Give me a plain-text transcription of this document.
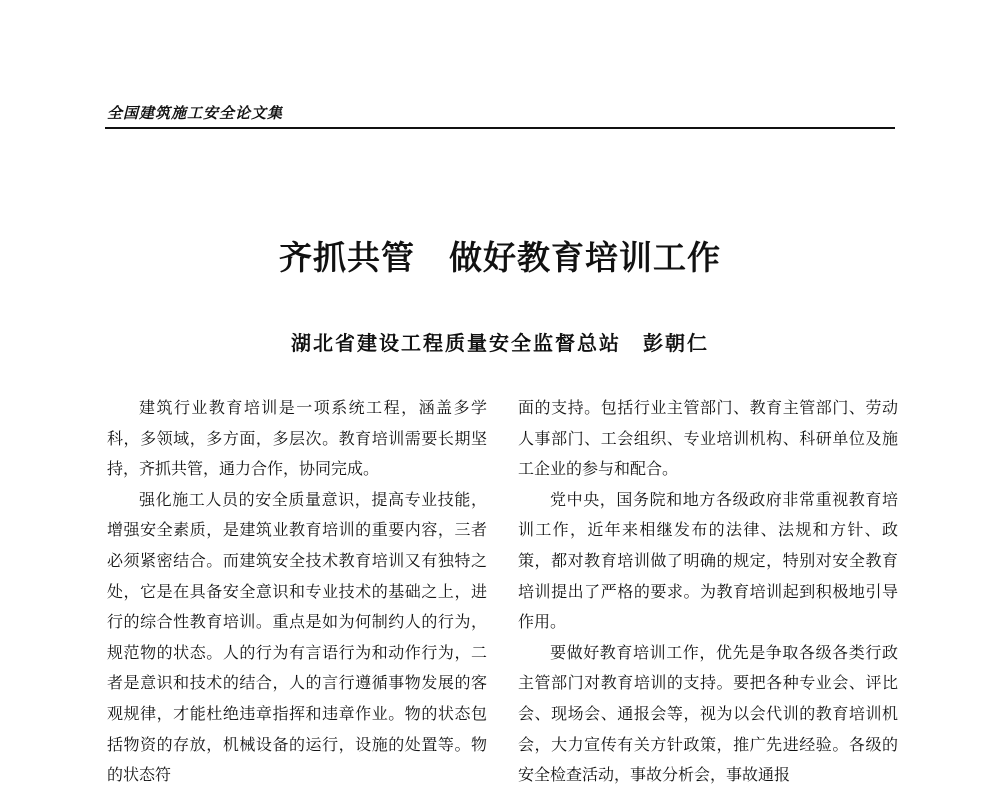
全国建筑施工安全论文集
齐抓共管　做好教育培训工作
湖北省建设工程质量安全监督总站　彭朝仁

建筑行业教育培训是一项系统工程，涵盖多学科，多领域，多方面，多层次。教育培训需要长期坚持，齐抓共管，通力合作，协同完成。

强化施工人员的安全质量意识，提高专业技能，增强安全素质，是建筑业教育培训的重要内容，三者必须紧密结合。而建筑安全技术教育培训又有独特之处，它是在具备安全意识和专业技术的基础之上，进行的综合性教育培训。重点是如为何制约人的行为，规范物的状态。人的行为有言语行为和动作行为，二者是意识和技术的结合，人的言行遵循事物发展的客观规律，才能杜绝违章指挥和违章作业。物的状态包括物资的存放，机械设备的运行，设施的处置等。物的状态符

面的支持。包括行业主管部门、教育主管部门、劳动人事部门、工会组织、专业培训机构、科研单位及施工企业的参与和配合。

党中央，国务院和地方各级政府非常重视教育培训工作，近年来相继发布的法律、法规和方针、政策，都对教育培训做了明确的规定，特别对安全教育培训提出了严格的要求。为教育培训起到积极地引导作用。

要做好教育培训工作，优先是争取各级各类行政主管部门对教育培训的支持。要把各种专业会、评比会、现场会、通报会等，视为以会代训的教育培训机会，大力宣传有关方针政策，推广先进经验。各级的安全检查活动，事故分析会，事故通报
